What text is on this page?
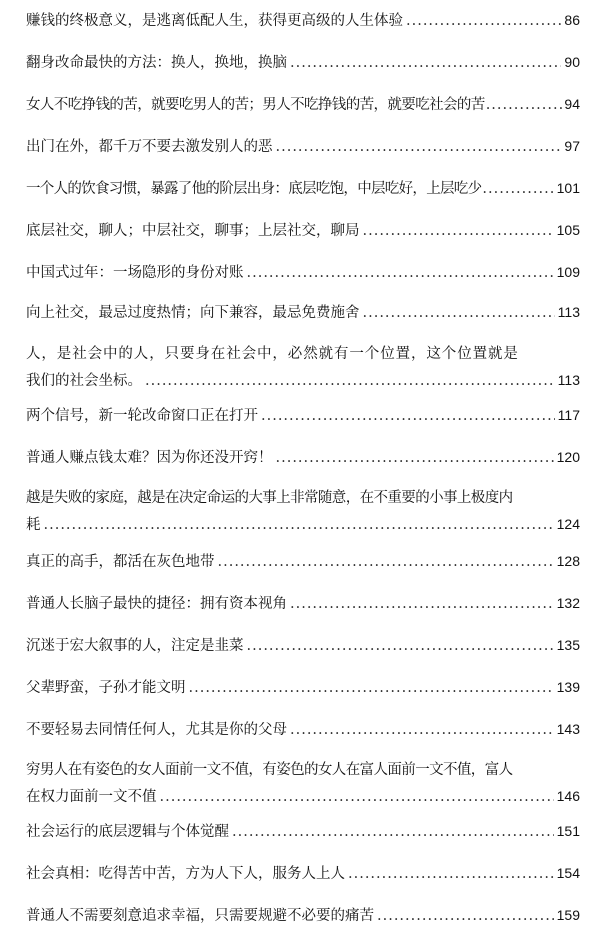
赚钱的终极意义，是逃离低配人生，获得更高级的人生体验 .....	86
翻身改命最快的方法：换人，换地，换脑 .....	90
女人不吃挣钱的苦，就要吃男人的苦；男人不吃挣钱的苦，就要吃社会的苦 .....	94
出门在外，都千万不要去激发别人的恶 .....	97
一个人的饮食习惯，暴露了他的阶层出身：底层吃饱，中层吃好，上层吃少 .....	101
底层社交，聊人；中层社交，聊事；上层社交，聊局 .....	105
中国式过年：一场隐形的身份对账 .....	109
向上社交，最忌过度热情；向下兼容，最忌免费施舍 .....	113
人，是社会中的人，只要身在社会中，必然就有一个位置，这个位置就是
我们的社会坐标。 .....	113
两个信号，新一轮改命窗口正在打开 .....	117
普通人赚点钱太难？因为你还没开窍！ .....	120
越是失败的家庭，越是在决定命运的大事上非常随意，在不重要的小事上极度内
耗 .....	124
真正的高手，都活在灰色地带 .....	128
普通人长脑子最快的捷径：拥有资本视角 .....	132
沉迷于宏大叙事的人，注定是韭菜 .....	135
父辈野蛮，子孙才能文明 .....	139
不要轻易去同情任何人，尤其是你的父母 .....	143
穷男人在有姿色的女人面前一文不值，有姿色的女人在富人面前一文不值，富人
在权力面前一文不值 .....	146
社会运行的底层逻辑与个体觉醒 .....	151
社会真相：吃得苦中苦，方为人下人，服务人上人 .....	154
普通人不需要刻意追求幸福，只需要规避不必要的痛苦 .....	159
